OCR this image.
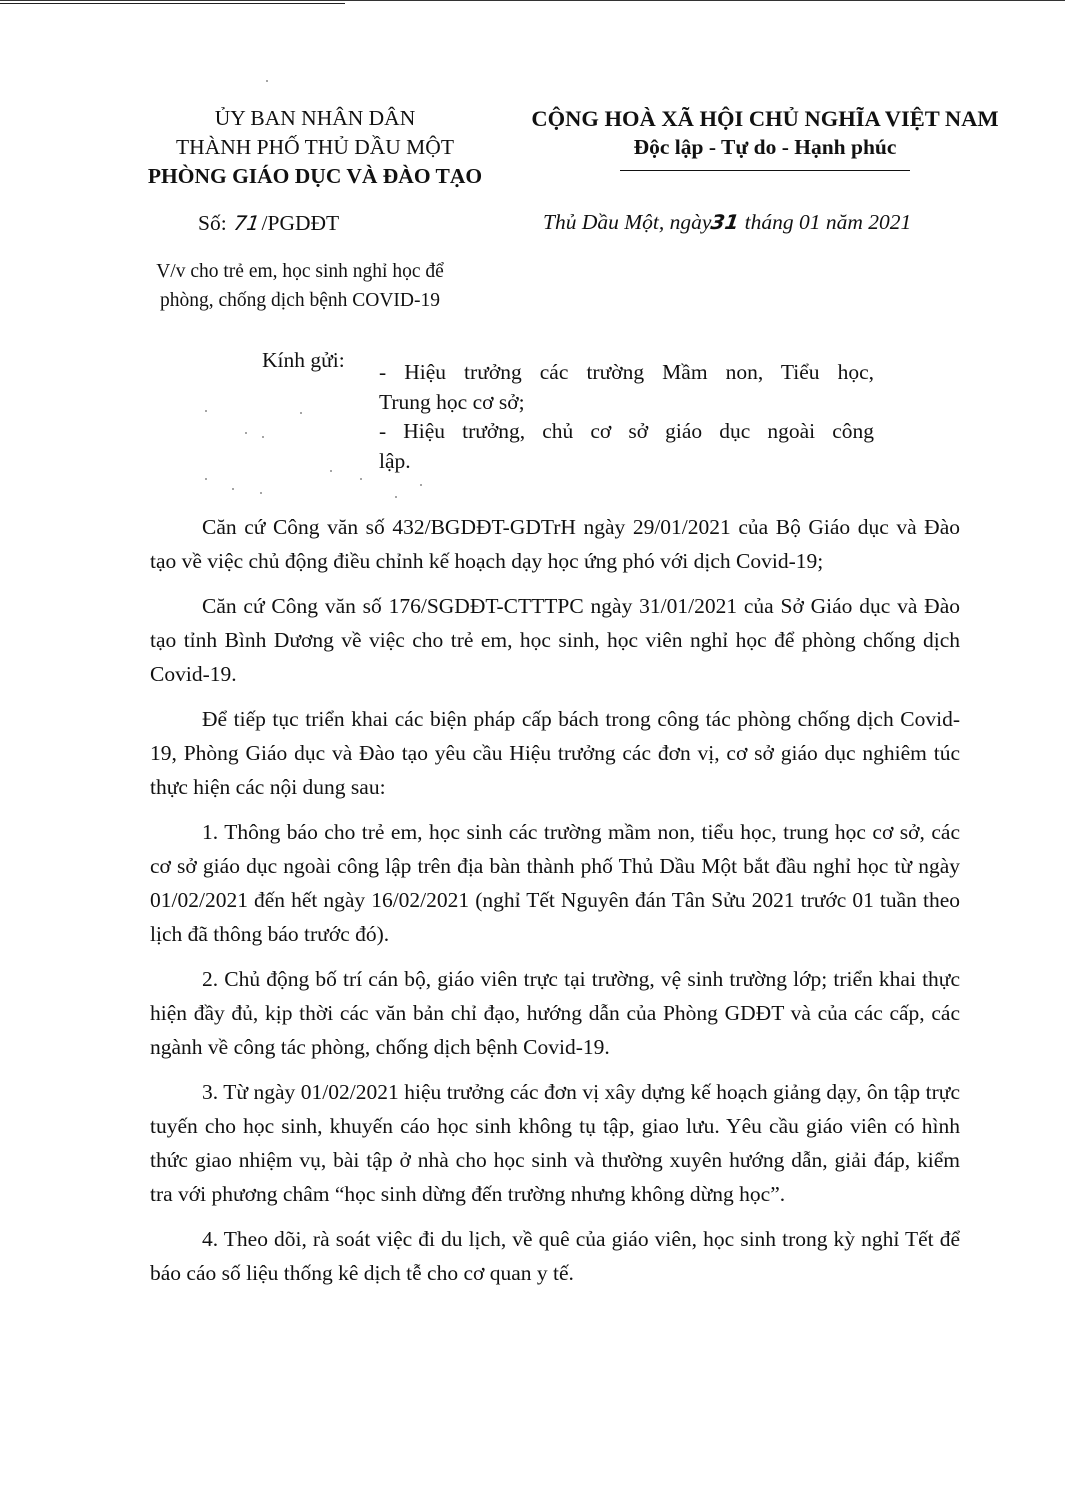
ỦY BAN NHÂN DÂN
THÀNH PHỐ THỦ DẦU MỘT
PHÒNG GIÁO DỤC VÀ ĐÀO TẠO
CỘNG HOÀ XÃ HỘI CHỦ NGHĨA VIỆT NAM
Độc lập - Tự do - Hạnh phúc
Số: 71/PGDĐT	Thủ Dầu Một, ngày31 tháng 01 năm 2021
V/v cho trẻ em, học sinh nghỉ học để
phòng, chống dịch bệnh COVID-19
Kính gửi: - Hiệu trưởng các trường Mầm non, Tiểu học,

Trung học cơ sở;

- Hiệu trưởng, chủ cơ sở giáo dục ngoài công

lập.

Căn cứ Công văn số 432/BGDĐT-GDTrH ngày 29/01/2021 của Bộ Giáo dục và Đào tạo về việc chủ động điều chỉnh kế hoạch dạy học ứng phó với dịch Covid-19;

Căn cứ Công văn số 176/SGDĐT-CTTTPC ngày 31/01/2021 của Sở Giáo dục và Đào tạo tỉnh Bình Dương về việc cho trẻ em, học sinh, học viên nghỉ học để phòng chống dịch Covid-19.

Để tiếp tục triển khai các biện pháp cấp bách trong công tác phòng chống dịch Covid-19, Phòng Giáo dục và Đào tạo yêu cầu Hiệu trưởng các đơn vị, cơ sở giáo dục nghiêm túc thực hiện các nội dung sau:

1. Thông báo cho trẻ em, học sinh các trường mầm non, tiểu học, trung học cơ sở, các cơ sở giáo dục ngoài công lập trên địa bàn thành phố Thủ Dầu Một bắt đầu nghỉ học từ ngày 01/02/2021 đến hết ngày 16/02/2021 (nghỉ Tết Nguyên đán Tân Sửu 2021 trước 01 tuần theo lịch đã thông báo trước đó).

2. Chủ động bố trí cán bộ, giáo viên trực tại trường, vệ sinh trường lớp; triển khai thực hiện đầy đủ, kịp thời các văn bản chỉ đạo, hướng dẫn của Phòng GDĐT và của các cấp, các ngành về công tác phòng, chống dịch bệnh Covid-19.

3. Từ ngày 01/02/2021 hiệu trưởng các đơn vị xây dựng kế hoạch giảng dạy, ôn tập trực tuyến cho học sinh, khuyến cáo học sinh không tụ tập, giao lưu. Yêu cầu giáo viên có hình thức giao nhiệm vụ, bài tập ở nhà cho học sinh và thường xuyên hướng dẫn, giải đáp, kiểm tra với phương châm “học sinh dừng đến trường nhưng không dừng học”.

4. Theo dõi, rà soát việc đi du lịch, về quê của giáo viên, học sinh trong kỳ nghỉ Tết để báo cáo số liệu thống kê dịch tễ cho cơ quan y tế.
